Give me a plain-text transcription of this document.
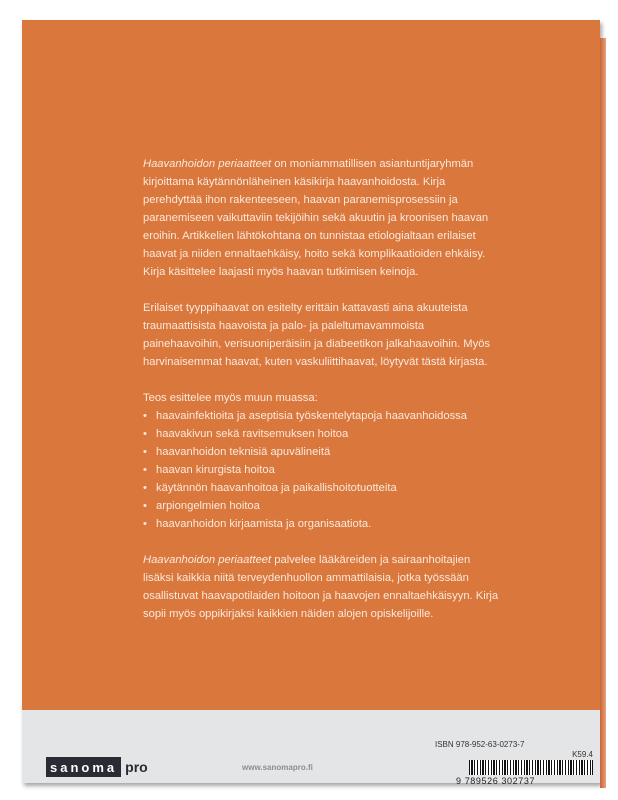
Haavanhoidon periaatteet on moniammatillisen asiantuntijaryhmän kirjoittama käytännönläheinen käsikirja haavanhoidosta. Kirja perehdyttää ihon rakenteeseen, haavan paranemisprosessiin ja paranemiseen vaikuttaviin tekijöihin sekä akuutin ja kroonisen haavan eroihin. Artikkelien lähtökohtana on tunnistaa etiologialtaan erilaiset haavat ja niiden ennaltaehkäisy, hoito sekä komplikaatioiden ehkäisy. Kirja käsittelee laajasti myös haavan tutkimisen keinoja.

Erilaiset tyyppihaavat on esitelty erittäin kattavasti aina akuuteista traumaattisista haavoista ja palo- ja paleltumavammoista painehaavoihin, verisuoniperäisiin ja diabeetikon jalkahaavoihin. Myös harvinaisemmat haavat, kuten vaskuliittihaavat, löytyvät tästä kirjasta.

Teos esittelee myös muun muassa:
• haavainfektioita ja aseptisia työskentelytapoja haavanhoidossa
• haavakivun sekä ravitsemuksen hoitoa
• haavanhoidon teknisiä apuvälineitä
• haavan kirurgista hoitoa
• käytännön haavanhoitoa ja paikallishoitotuotteita
• arpiongelmien hoitoa
• haavanhoidon kirjaamista ja organisaatiota.

Haavanhoidon periaatteet palvelee lääkäreiden ja sairaanhoitajien lisäksi kaikkia niitä terveydenhuollon ammattilaisia, jotka työssään osallistuvat haavapotilaiden hoitoon ja haavojen ennaltaehkäisyyn. Kirja sopii myös oppikirjaksi kaikkien näiden alojen opiskelijoille.

sanoma pro	www.sanomapro.fi
ISBN 978-952-63-0273-7
K59.4
9 789526 302737
